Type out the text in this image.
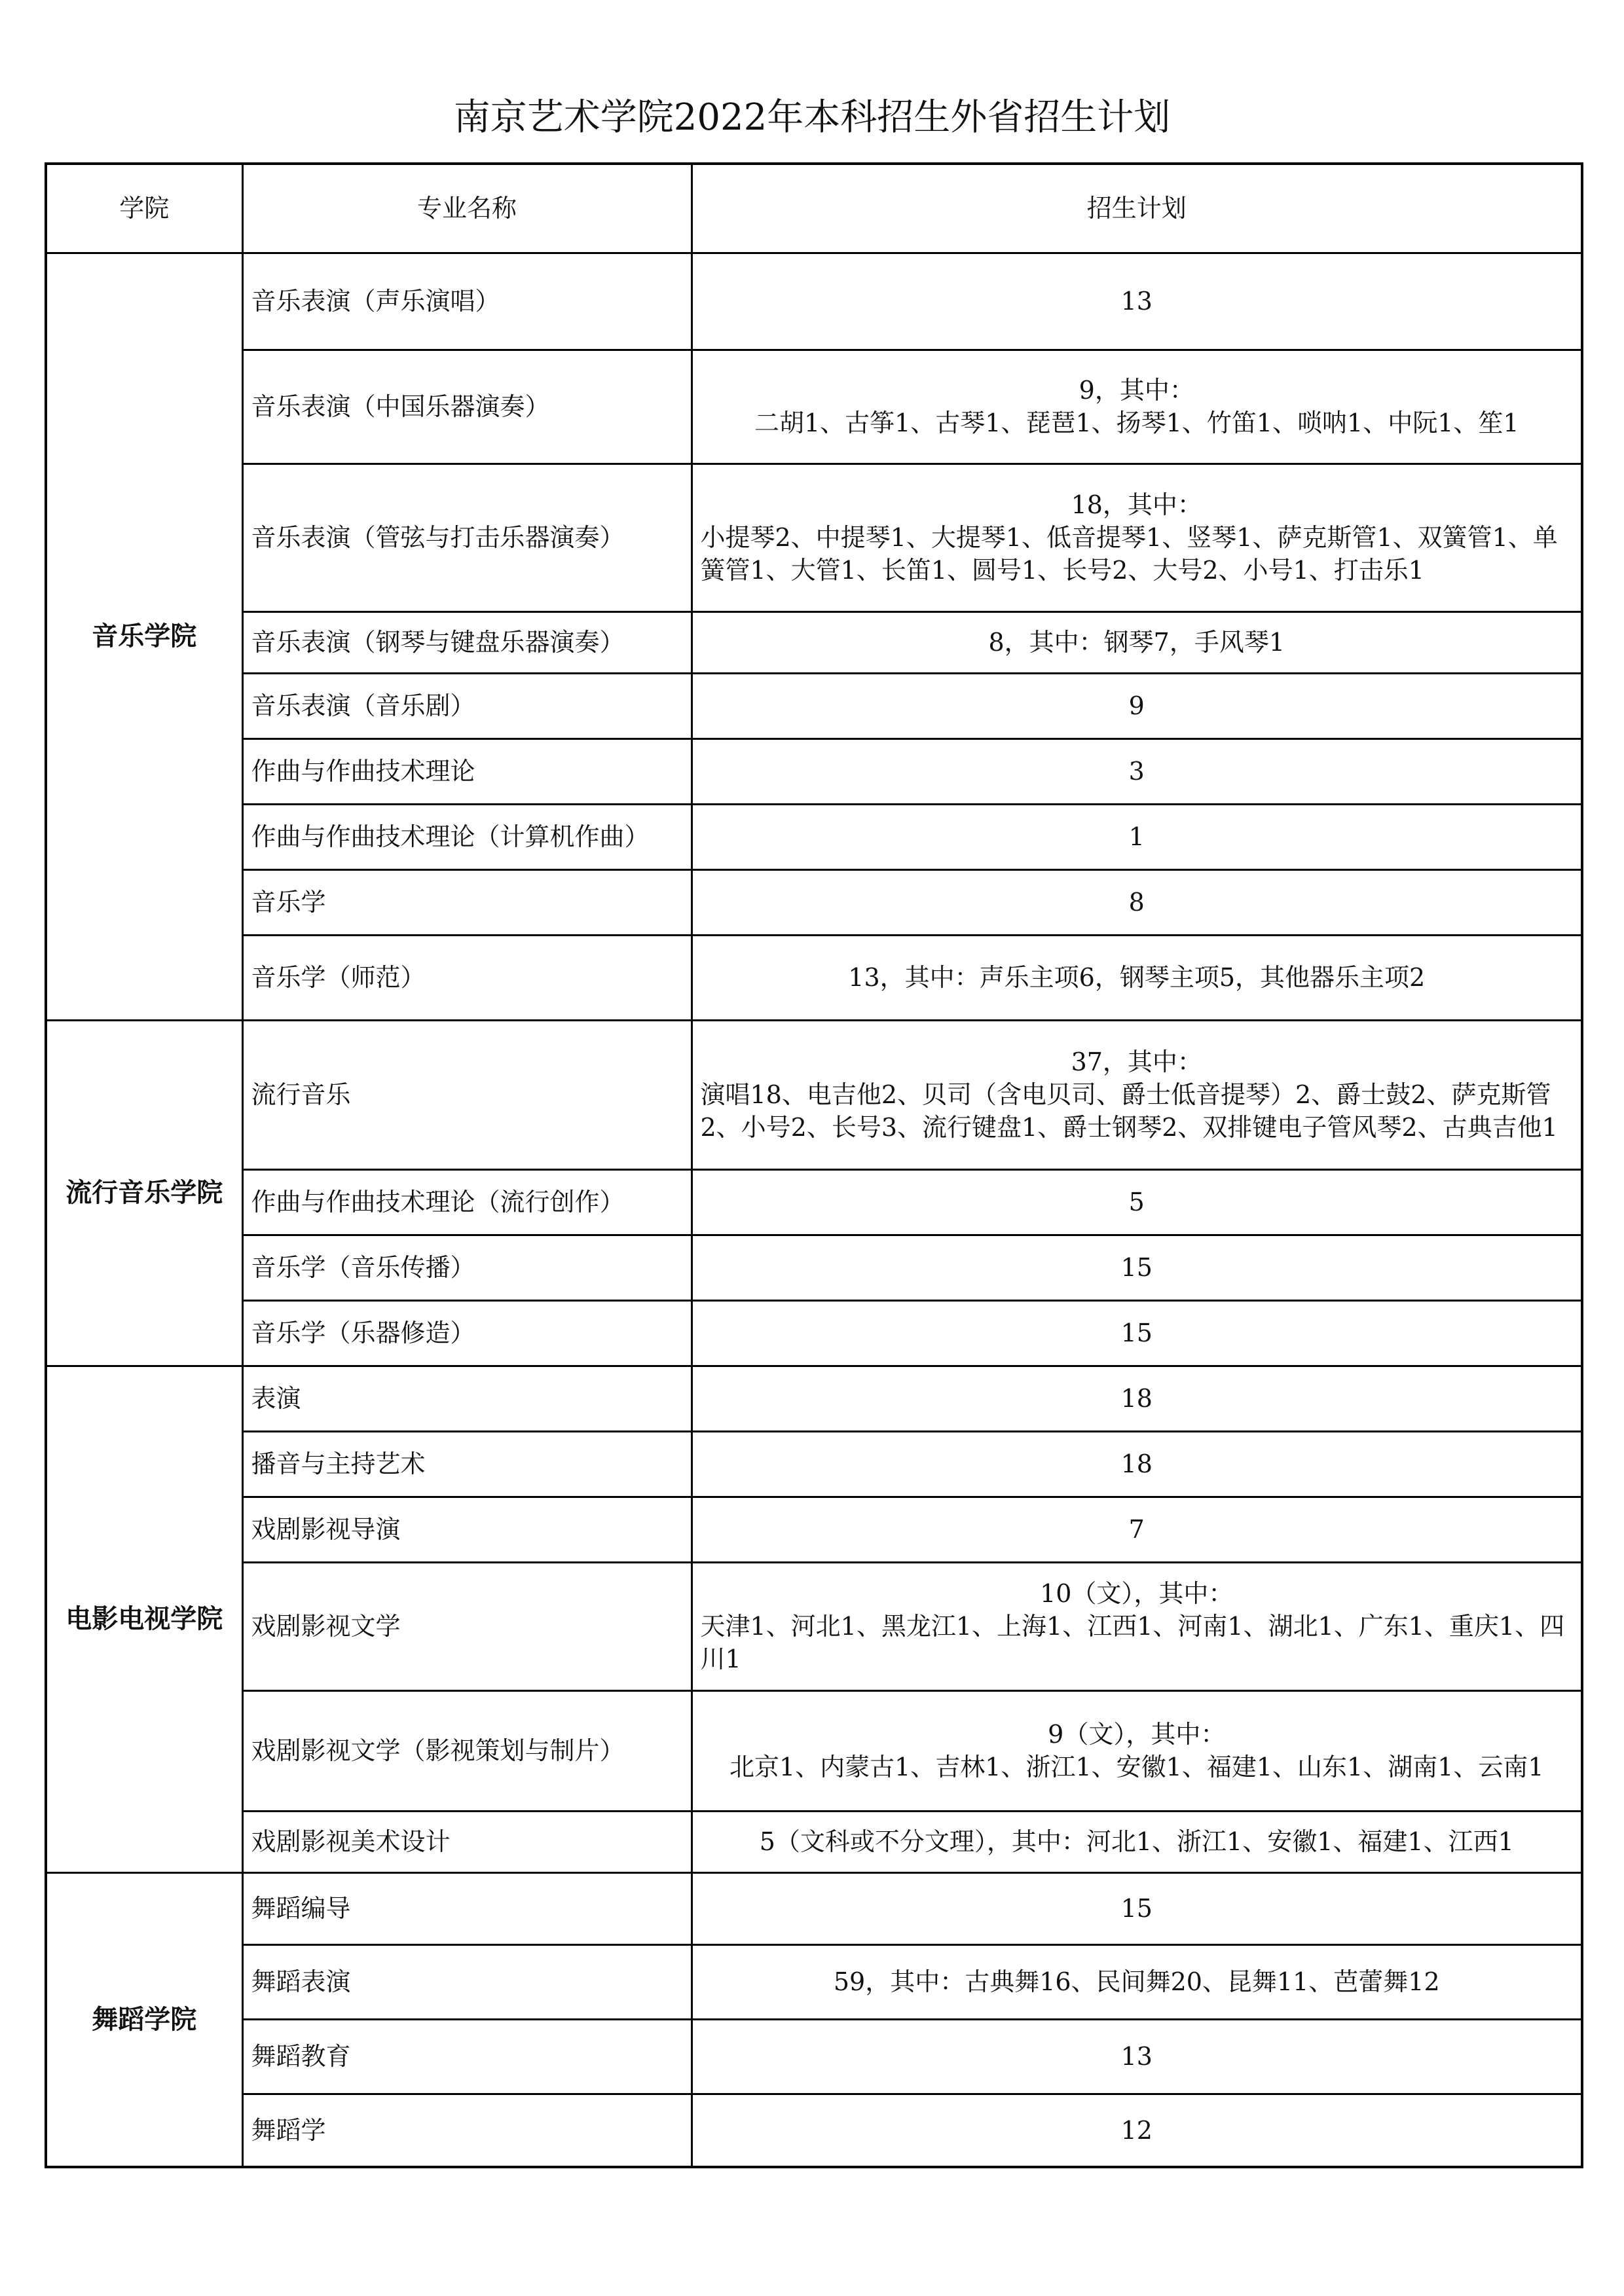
南京艺术学院2022年本科招生外省招生计划
学院	专业名称	招生计划
音乐学院	音乐表演（声乐演唱）	13
	音乐表演（中国乐器演奏）	9，其中：
二胡1、古筝1、古琴1、琵琶1、扬琴1、竹笛1、唢呐1、中阮1、笙1
	音乐表演（管弦与打击乐器演奏）	18，其中：
小提琴2、中提琴1、大提琴1、低音提琴1、竖琴1、萨克斯管1、双簧管1、单簧管1、大管1、长笛1、圆号1、长号2、大号2、小号1、打击乐1

	音乐表演（钢琴与键盘乐器演奏）	8，其中：钢琴7，手风琴1
	音乐表演（音乐剧）	9
	作曲与作曲技术理论	3
	作曲与作曲技术理论（计算机作曲）	1
	音乐学	8
	音乐学（师范）	13，其中：声乐主项6，钢琴主项5，其他器乐主项2
流行音乐学院	流行音乐	37，其中：
演唱18、电吉他2、贝司（含电贝司、爵士低音提琴）2、爵士鼓2、萨克斯管2、小号2、长号3、流行键盘1、爵士钢琴2、双排键电子管风琴2、古典吉他1

	作曲与作曲技术理论（流行创作）	5
	音乐学（音乐传播）	15
	音乐学（乐器修造）	15
电影电视学院	表演	18
	播音与主持艺术	18
	戏剧影视导演	7
	戏剧影视文学	10（文），其中：
天津1、河北1、黑龙江1、上海1、江西1、河南1、湖北1、广东1、重庆1、四川1

	戏剧影视文学（影视策划与制片）	9（文），其中：
北京1、内蒙古1、吉林1、浙江1、安徽1、福建1、山东1、湖南1、云南1
	戏剧影视美术设计	5（文科或不分文理），其中：河北1、浙江1、安徽1、福建1、江西1
舞蹈学院	舞蹈编导	15
	舞蹈表演	59，其中：古典舞16、民间舞20、昆舞11、芭蕾舞12
	舞蹈教育	13
	舞蹈学	12
